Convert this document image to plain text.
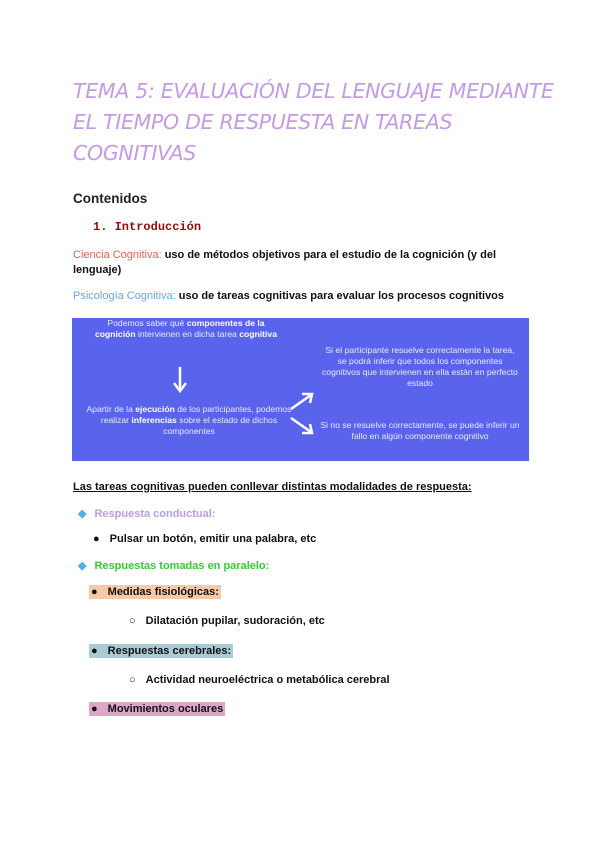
TEMA 5: EVALUACIÓN DEL LENGUAJE MEDIANTE
EL TIEMPO DE RESPUESTA EN TAREAS
COGNITIVAS
Contenidos
1. Introducción
Ciencia Cognitiva: uso de métodos objetivos para el estudio de la cognición (y del lenguaje)
Psicología Cognitiva: uso de tareas cognitivas para evaluar los procesos cognitivos
Podemos saber qué componentes de la cognición intervienen en dicha tarea cognitiva
Apartir de la ejecución de los participantes, podemos realizar inferencias sobre el estado de dichos componentes
Si el participante resuelve correctamente la tarea, se podrá inferir que todos los componentes cognitivos que intervienen en ella están en perfecto estado
Si no se resuelve correctamente, se puede inferir un fallo en algún componente cognitivo
Las tareas cognitivas pueden conllevar distintas modalidades de respuesta:
◆ Respuesta conductual:
● Pulsar un botón, emitir una palabra, etc
◆ Respuestas tomadas en paralelo:
● Medidas fisiológicas:
○ Dilatación pupilar, sudoración, etc
● Respuestas cerebrales:
○ Actividad neuroeléctrica o metabólica cerebral
● Movimientos oculares
